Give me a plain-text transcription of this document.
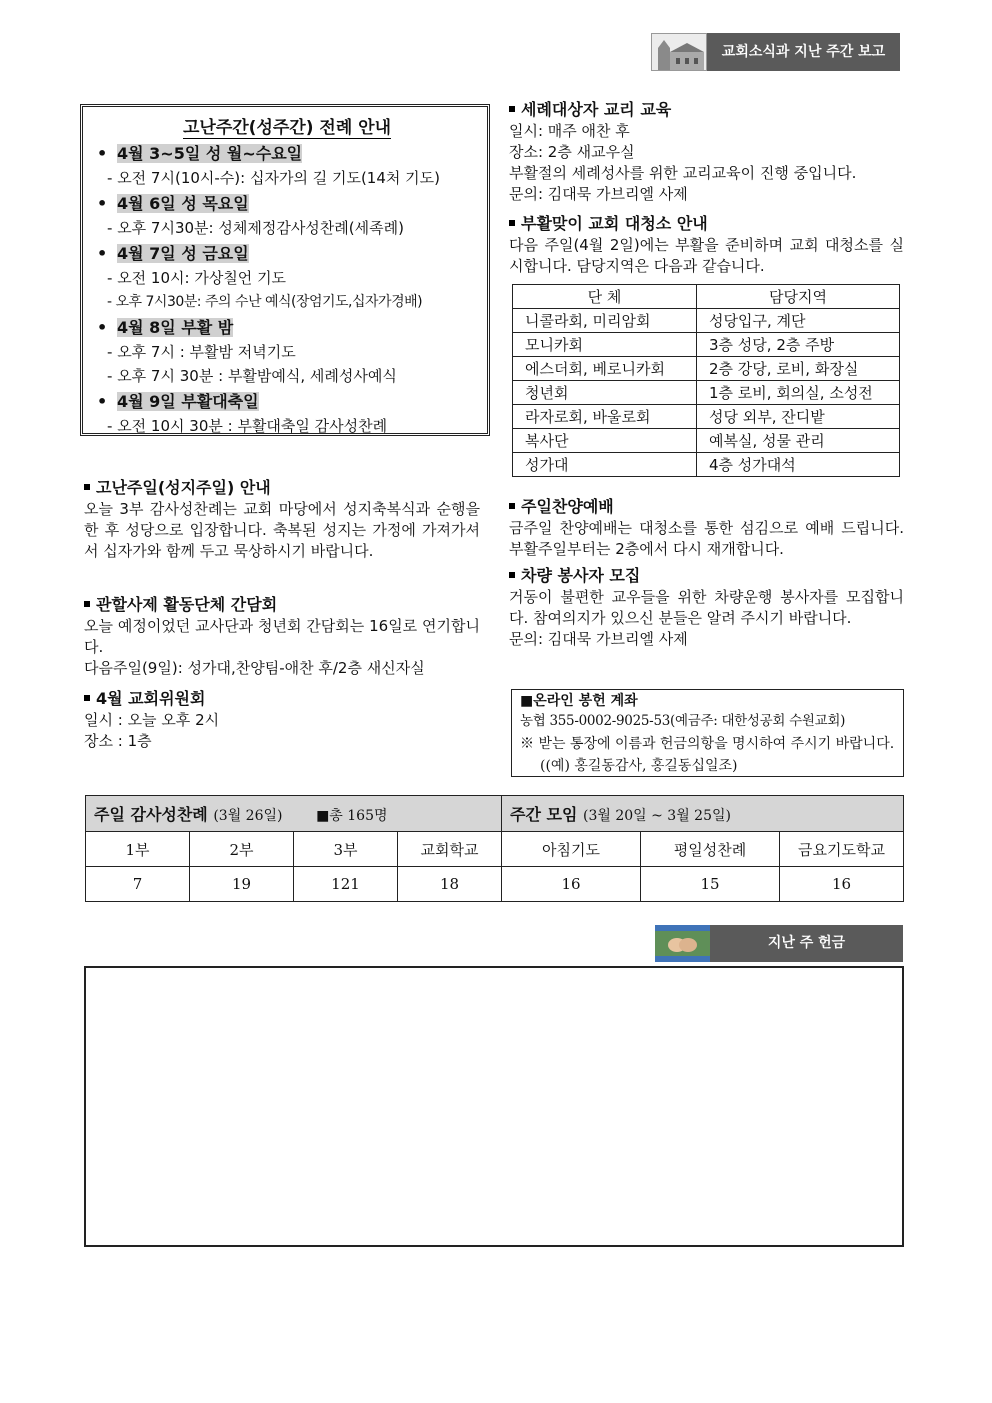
교회소식과 지난 주간 보고
고난주간(성주간) 전례 안내
• 4월 3~5일 성 월~수요일
- 오전 7시(10시-수): 십자가의 길 기도(14처 기도)
• 4월 6일 성 목요일
- 오후 7시30분: 성체제정감사성찬례(세족례)
• 4월 7일 성 금요일
- 오전 10시: 가상칠언 기도
- 오후 7시30분: 주의 수난 예식(장엄기도,십자가경배)
• 4월 8일 부활 밤
- 오후 7시 : 부활밤 저녁기도
- 오후 7시 30분 : 부활밤예식, 세례성사예식
• 4월 9일 부활대축일
- 오전 10시 30분 : 부활대축일 감사성찬례
고난주일(성지주일) 안내
오늘 3부 감사성찬례는 교회 마당에서 성지축복식과 순행을 한 후 성당으로 입장합니다. 축복된 성지는 가정에 가져가셔서 십자가와 함께 두고 묵상하시기 바랍니다.
관할사제 활동단체 간담회
오늘 예정이었던 교사단과 청년회 간담회는 16일로 연기합니다.
다음주일(9일): 성가대,찬양팀-애찬 후/2층 새신자실
4월 교회위원회
일시 : 오늘 오후 2시
장소 : 1층
세례대상자 교리 교육
일시: 매주 애찬 후
장소: 2층 새교우실
부활절의 세례성사를 위한 교리교육이 진행 중입니다.
문의: 김대묵 가브리엘 사제
부활맞이 교회 대청소 안내
다음 주일(4월 2일)에는 부활을 준비하며 교회 대청소를 실시합니다. 담당지역은 다음과 같습니다.
단 체	담당지역
니콜라회, 미리암회	성당입구, 계단
모니카회	3층 성당, 2층 주방
에스더회, 베로니카회	2층 강당, 로비, 화장실
청년회	1층 로비, 회의실, 소성전
라자로회, 바울로회	성당 외부, 잔디밭
복사단	예복실, 성물 관리
성가대	4층 성가대석
주일찬양예배
금주일 찬양예배는 대청소를 통한 섬김으로 예배 드립니다. 부활주일부터는 2층에서 다시 재개합니다.
차량 봉사자 모집
거동이 불편한 교우들을 위한 차량운행 봉사자를 모집합니다. 참여의지가 있으신 분들은 알려 주시기 바랍니다.
문의: 김대묵 가브리엘 사제
■온라인 봉헌 계좌
농협 355-0002-9025-53(예금주: 대한성공회 수원교회)
※ 받는 통장에 이름과 헌금의항을 명시하여 주시기 바랍니다. ((예) 홍길동감사, 홍길동십일조)
주일 감사성찬례 (3월 26일) ■총 165명				주간 모임 (3월 20일 ~ 3월 25일)		
1부	2부	3부	교회학교	아침기도	평일성찬례	금요기도학교
7	19	121	18	16	15	16
지난 주 헌금
